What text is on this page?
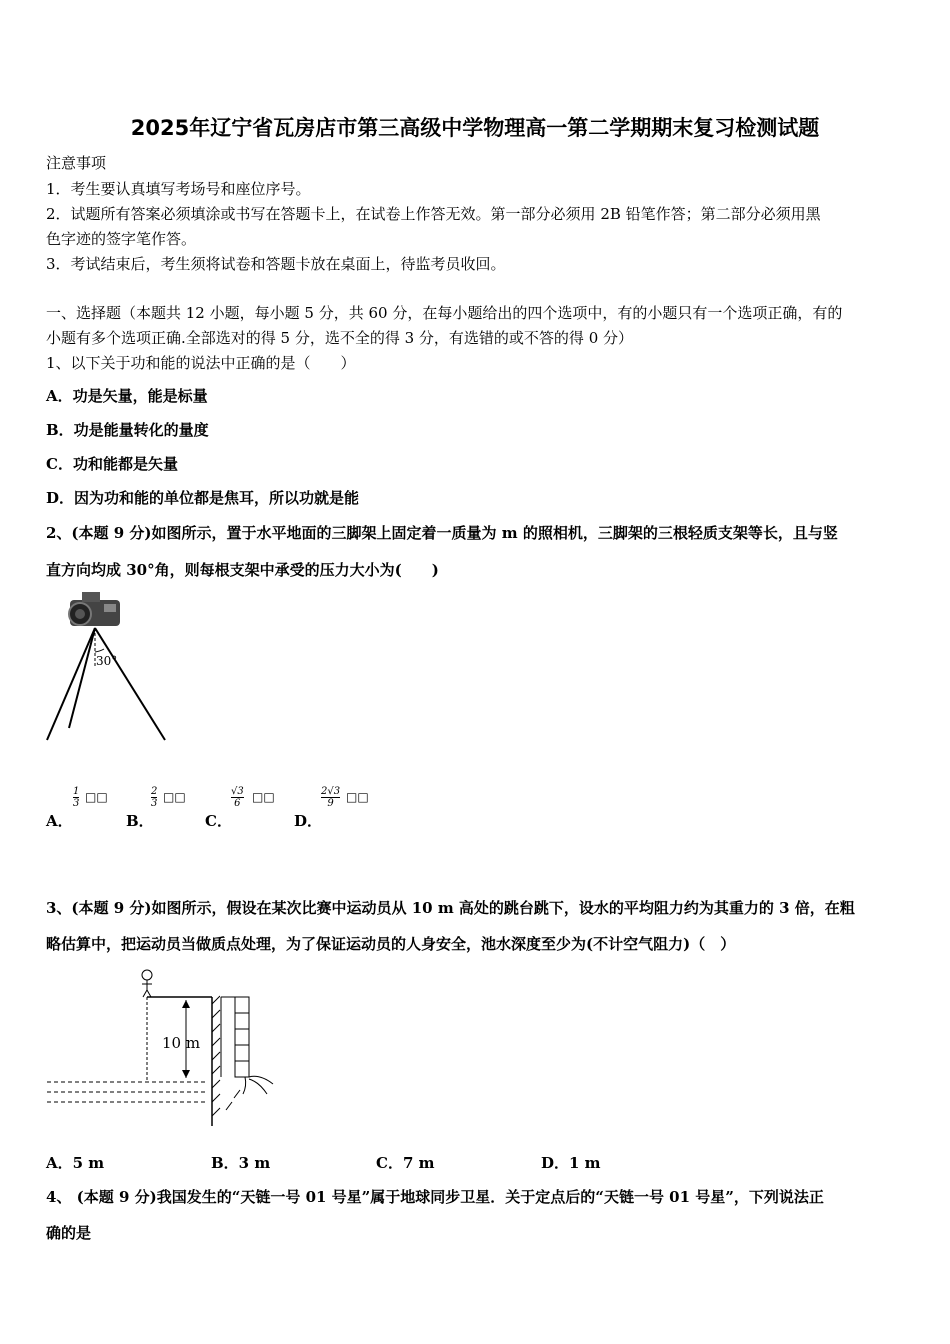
2025年辽宁省瓦房店市第三高级中学物理高一第二学期期末复习检测试题
注意事项
1．考生要认真填写考场号和座位序号。
2．试题所有答案必须填涂或书写在答题卡上，在试卷上作答无效。第一部分必须用 2B 铅笔作答；第二部分必须用黑
色字迹的签字笔作答。
3．考试结束后，考生须将试卷和答题卡放在桌面上，待监考员收回。
一、选择题（本题共 12 小题，每小题 5 分，共 60 分，在每小题给出的四个选项中，有的小题只有一个选项正确，有的
小题有多个选项正确.全部选对的得 5 分，选不全的得 3 分，有选错的或不答的得 0 分）
1、以下关于功和能的说法中正确的是（　　）
A．功是矢量，能是标量
B．功是能量转化的量度
C．功和能都是矢量
D．因为功和能的单位都是焦耳，所以功就是能
2、(本题 9 分)如图所示，置于水平地面的三脚架上固定着一质量为 m 的照相机，三脚架的三根轻质支架等长，且与竖
直方向均成 30°角，则每根支架中承受的压力大小为(　　)
30°
A．
$\frac{1}{3}$ □□
B．
$\frac{2}{3}$ □□
C．
$\frac{√3}{6}$ □□
D．
$\frac{2√3}{9}$ □□
3、(本题 9 分)如图所示，假设在某次比赛中运动员从 10 m 高处的跳台跳下，设水的平均阻力约为其重力的 3 倍，在粗
略估算中，把运动员当做质点处理，为了保证运动员的人身安全，池水深度至少为(不计空气阻力)（　）
10 m
A．5 m	B．3 m	C．7 m	D．1 m
4、 (本题 9 分)我国发生的“天链一号 01 号星”属于地球同步卫星．关于定点后的“天链一号 01 号星”，下列说法正
确的是
